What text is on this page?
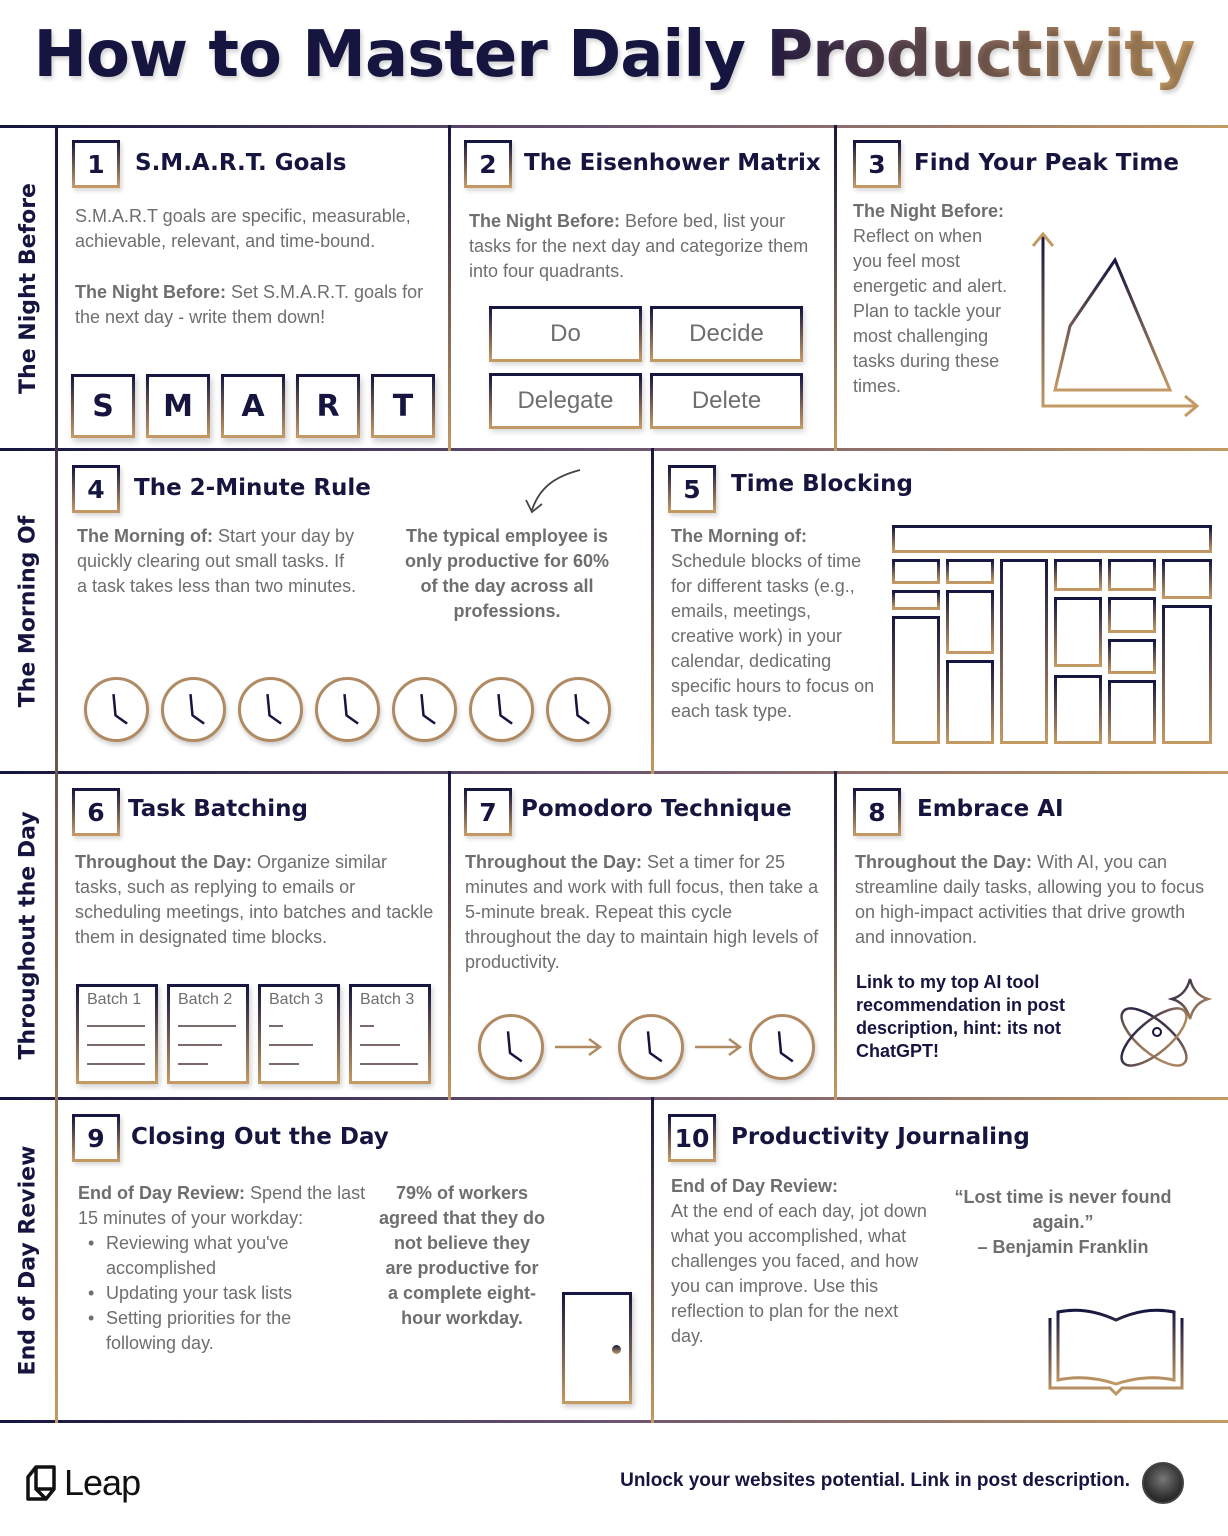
How to Master Daily Productivity
The Night Before
The Morning Of
Throughout the Day
End of Day Review
1	S.M.A.R.T. Goals
S.M.A.R.T goals are specific, measurable, achievable, relevant, and time-bound.
The Night Before: Set S.M.A.R.T. goals for the next day - write them down!
S	M	A	R	T
2	The Eisenhower Matrix
The Night Before: Before bed, list your tasks for the next day and categorize them into four quadrants.
Do	Decide
Delegate	Delete
3	Find Your Peak Time
The Night Before: Reflect on when you feel most energetic and alert. Plan to tackle your most challenging tasks during these times.
4	The 2-Minute Rule
The Morning of: Start your day by quickly clearing out small tasks. If a task takes less than two minutes.
The typical employee is only productive for 60% of the day across all professions.
5	Time Blocking
The Morning of: Schedule blocks of time for different tasks (e.g., emails, meetings, creative work) in your calendar, dedicating specific hours to focus on each task type.
6	Task Batching
Throughout the Day: Organize similar tasks, such as replying to emails or scheduling meetings, into batches and tackle them in designated time blocks.
Batch 1 Batch 2 Batch 3 Batch 3
7	Pomodoro Technique
Throughout the Day: Set a timer for 25 minutes and work with full focus, then take a 5-minute break. Repeat this cycle throughout the day to maintain high levels of productivity.
8	Embrace AI
Throughout the Day: With AI, you can streamline daily tasks, allowing you to focus on high-impact activities that drive growth and innovation.
Link to my top AI tool recommendation in post description, hint: its not ChatGPT!
9	Closing Out the Day
End of Day Review: Spend the last 15 minutes of your workday:
• Reviewing what you've accomplished
• Updating your task lists
• Setting priorities for the following day.
79% of workers agreed that they do not believe they are productive for a complete eight-hour workday.
10 Productivity Journaling
End of Day Review:
At the end of each day, jot down what you accomplished, what challenges you faced, and how you can improve. Use this reflection to plan for the next day.
“Lost time is never found again.”
– Benjamin Franklin
Leap	Unlock your websites potential. Link in post description.
